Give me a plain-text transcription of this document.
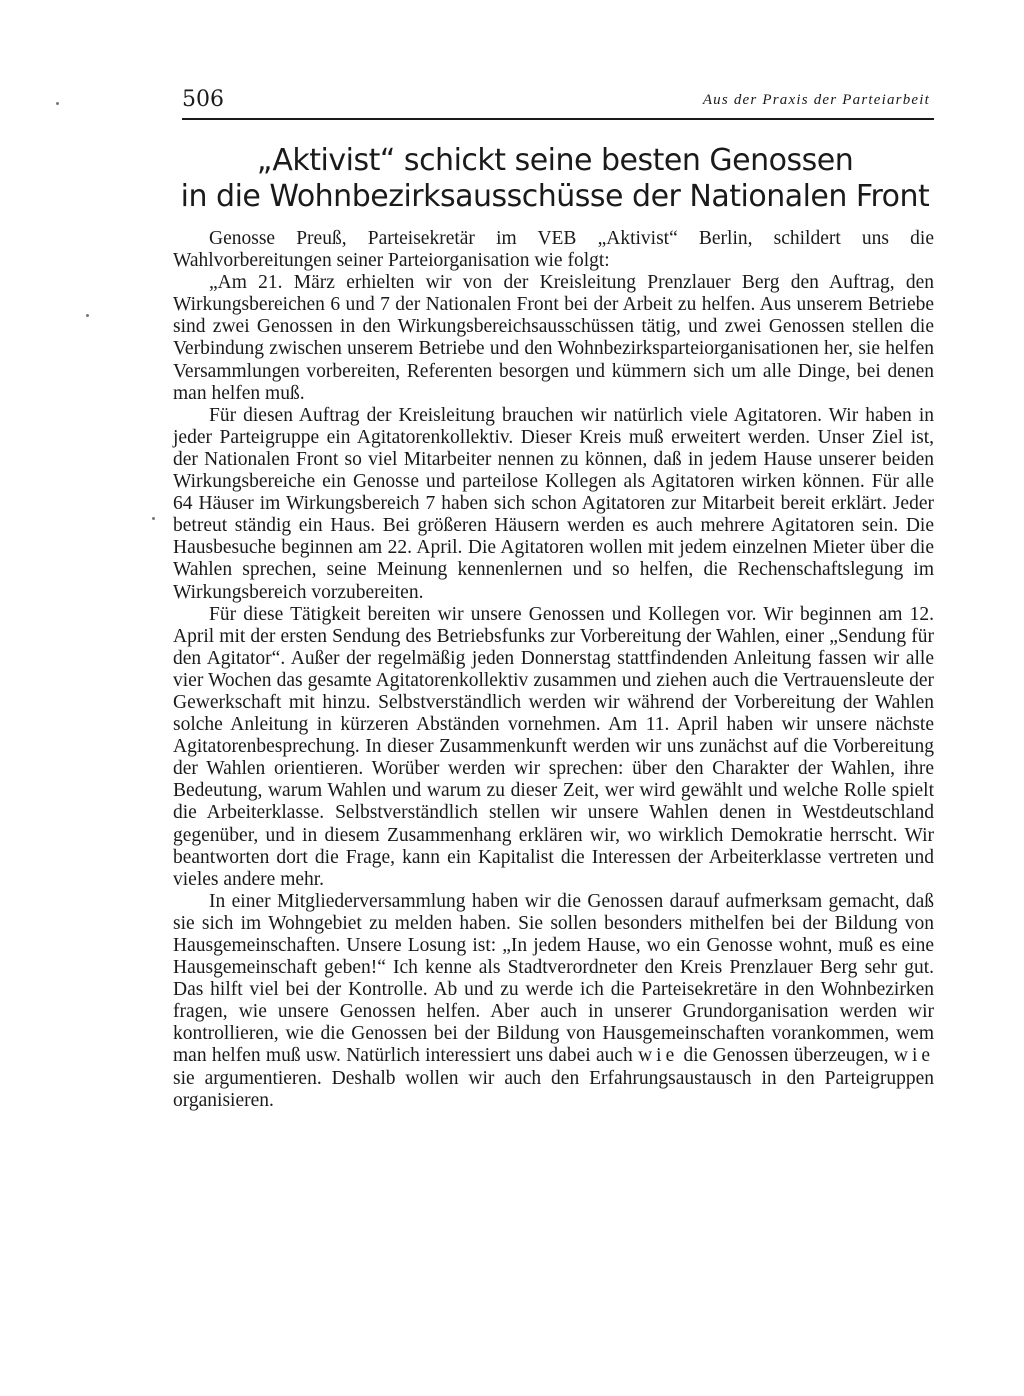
506	Aus der Praxis der Parteiarbeit
„Aktivist“ schickt seine besten Genossen
in die Wohnbezirksausschüsse der Nationalen Front

Genosse Preuß, Parteisekretär im VEB „Aktivist“ Berlin, schildert uns die Wahlvorbereitungen seiner Parteiorganisation wie folgt:

„Am 21. März erhielten wir von der Kreisleitung Prenzlauer Berg den Auftrag, den Wirkungsbereichen 6 und 7 der Nationalen Front bei der Arbeit zu helfen. Aus unserem Betriebe sind zwei Genossen in den Wirkungsbereichsausschüssen tätig, und zwei Genossen stellen die Verbindung zwischen unserem Betriebe und den Wohnbezirksparteiorganisationen her, sie helfen Versammlungen vorbereiten, Referenten besorgen und kümmern sich um alle Dinge, bei denen man helfen muß.

Für diesen Auftrag der Kreisleitung brauchen wir natürlich viele Agitatoren. Wir haben in jeder Parteigruppe ein Agitatorenkollektiv. Dieser Kreis muß erweitert werden. Unser Ziel ist, der Nationalen Front so viel Mitarbeiter nennen zu können, daß in jedem Hause unserer beiden Wirkungsbereiche ein Genosse und parteilose Kollegen als Agitatoren wirken können. Für alle 64 Häuser im Wirkungsbereich 7 haben sich schon Agitatoren zur Mitarbeit bereit erklärt. Jeder betreut ständig ein Haus. Bei größeren Häusern werden es auch mehrere Agitatoren sein. Die Hausbesuche beginnen am 22. April. Die Agitatoren wollen mit jedem einzelnen Mieter über die Wahlen sprechen, seine Meinung kennenlernen und so helfen, die Rechenschaftslegung im Wirkungsbereich vorzubereiten.

Für diese Tätigkeit bereiten wir unsere Genossen und Kollegen vor. Wir beginnen am 12. April mit der ersten Sendung des Betriebsfunks zur Vorbereitung der Wahlen, einer „Sendung für den Agitator“. Außer der regelmäßig jeden Donnerstag stattfindenden Anleitung fassen wir alle vier Wochen das gesamte Agitatorenkollektiv zusammen und ziehen auch die Vertrauensleute der Gewerkschaft mit hinzu. Selbstverständlich werden wir während der Vorbereitung der Wahlen solche Anleitung in kürzeren Abständen vornehmen. Am 11. April haben wir unsere nächste Agitatorenbesprechung. In dieser Zusammenkunft werden wir uns zunächst auf die Vorbereitung der Wahlen orientieren. Worüber werden wir sprechen: über den Charakter der Wahlen, ihre Bedeutung, warum Wahlen und warum zu dieser Zeit, wer wird gewählt und welche Rolle spielt die Arbeiterklasse. Selbstverständlich stellen wir unsere Wahlen denen in Westdeutschland gegenüber, und in diesem Zusammenhang erklären wir, wo wirklich Demokratie herrscht. Wir beantworten dort die Frage, kann ein Kapitalist die Interessen der Arbeiterklasse vertreten und vieles andere mehr.

In einer Mitgliederversammlung haben wir die Genossen darauf aufmerksam gemacht, daß sie sich im Wohngebiet zu melden haben. Sie sollen besonders mithelfen bei der Bildung von Hausgemeinschaften. Unsere Losung ist: „In jedem Hause, wo ein Genosse wohnt, muß es eine Hausgemeinschaft geben!“ Ich kenne als Stadtverordneter den Kreis Prenzlauer Berg sehr gut. Das hilft viel bei der Kontrolle. Ab und zu werde ich die Parteisekretäre in den Wohnbezirken fragen, wie unsere Genossen helfen. Aber auch in unserer Grundorganisation werden wir kontrollieren, wie die Genossen bei der Bildung von Hausgemeinschaften vorankommen, wem man helfen muß usw. Natürlich interessiert uns dabei auch wie die Genossen überzeugen, wie sie argumentieren. Deshalb wollen wir auch den Erfahrungsaustausch in den Parteigruppen organisieren.
